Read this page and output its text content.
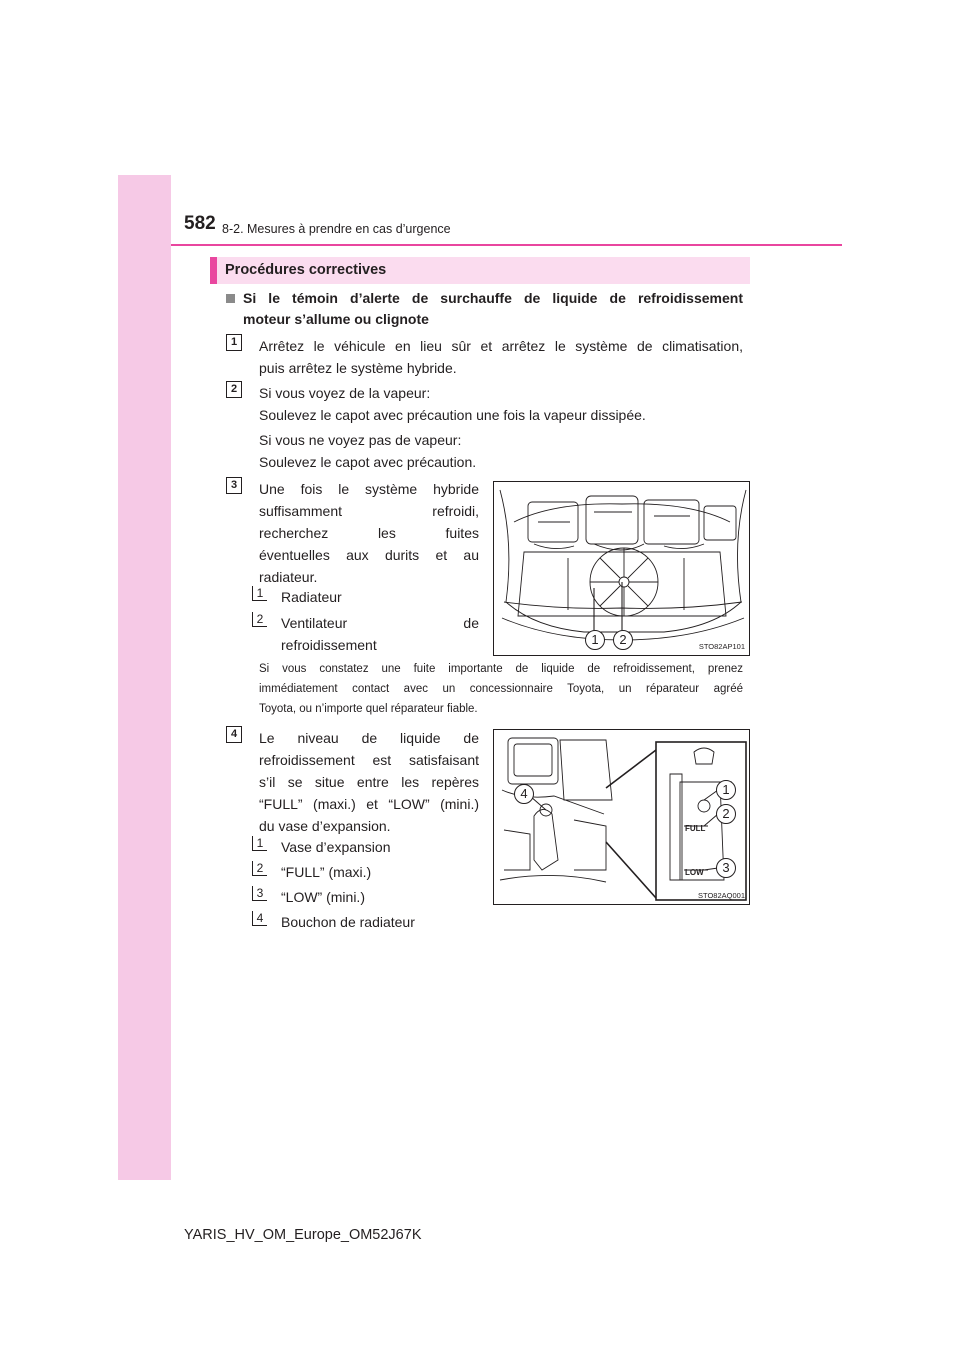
582 8-2. Mesures à prendre en cas d’urgence
Procédures correctives
Si le témoin d’alerte de surchauffe de liquide de refroidissement
moteur s’allume ou clignote
1	Arrêtez le véhicule en lieu sûr et arrêtez le système de climatisation,
puis arrêtez le système hybride.
2	Si vous voyez de la vapeur:
Soulevez le capot avec précaution une fois la vapeur dissipée.
Si vous ne voyez pas de vapeur:
Soulevez le capot avec précaution.
3	Une fois le système hybride
suffisamment refroidi,
recherchez les fuites
éventuelles aux durits et au
radiateur.
1 Radiateur
2 Ventilateur de
refroidissement	1	2	STO82AP101
Si vous constatez une fuite importante de liquide de refroidissement, prenez
immédiatement contact avec un concessionnaire Toyota, un réparateur agréé
Toyota, ou n’importe quel réparateur fiable.
4	Le niveau de liquide de
refroidissement est satisfaisant
s’il se situe entre les repères
“FULL” (maxi.) et “LOW” (mini.)
du vase d’expansion.
1 Vase d’expansion
2 “FULL” (maxi.)
3 “LOW” (mini.)
4 Bouchon de radiateur
FULL
LOW
1
2
3
4
STO82AQ001
YARIS_HV_OM_Europe_OM52J67K
